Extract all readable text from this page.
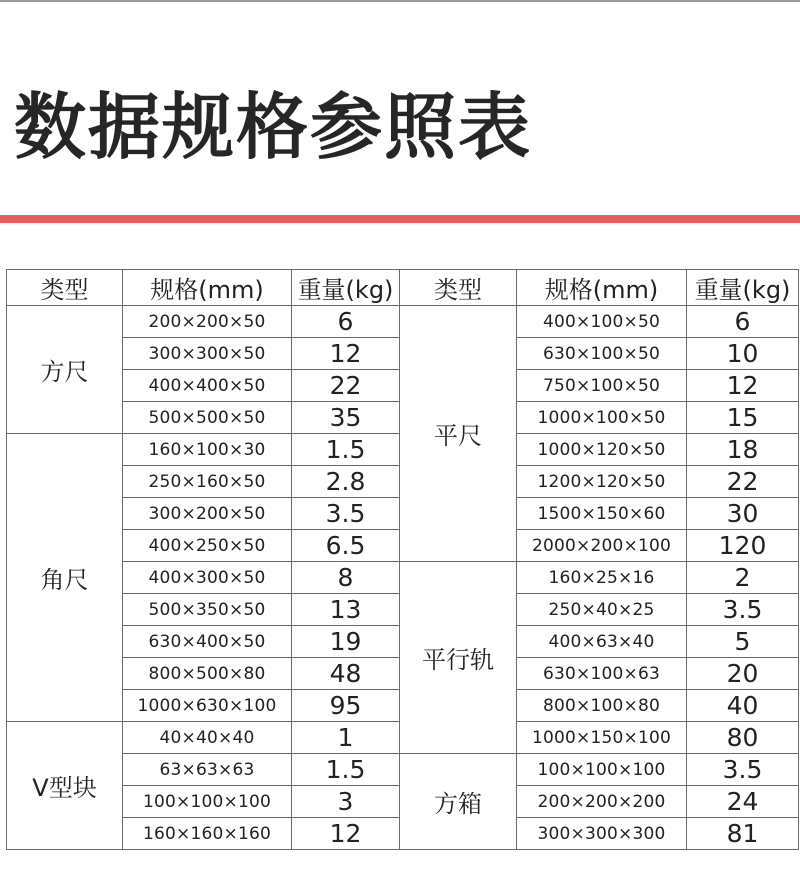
数据规格参照表
类型	规格(mm)	重量(kg)	类型	规格(mm)	重量(kg)
方尺	200×200×50	6	平尺	400×100×50	6
	300×300×50	12		630×100×50	10
	400×400×50	22		750×100×50	12
	500×500×50	35		1000×100×50	15
角尺	160×100×30	1.5		1000×120×50	18
	250×160×50	2.8		1200×120×50	22
	300×200×50	3.5		1500×150×60	30
	400×250×50	6.5		2000×200×100	120
	400×300×50	8	平行轨	160×25×16	2
	500×350×50	13		250×40×25	3.5
	630×400×50	19		400×63×40	5
	800×500×80	48		630×100×63	20
	1000×630×100	95		800×100×80	40
V型块	40×40×40	1		1000×150×100	80
	63×63×63	1.5	方箱	100×100×100	3.5
	100×100×100	3		200×200×200	24
	160×160×160	12		300×300×300	81
